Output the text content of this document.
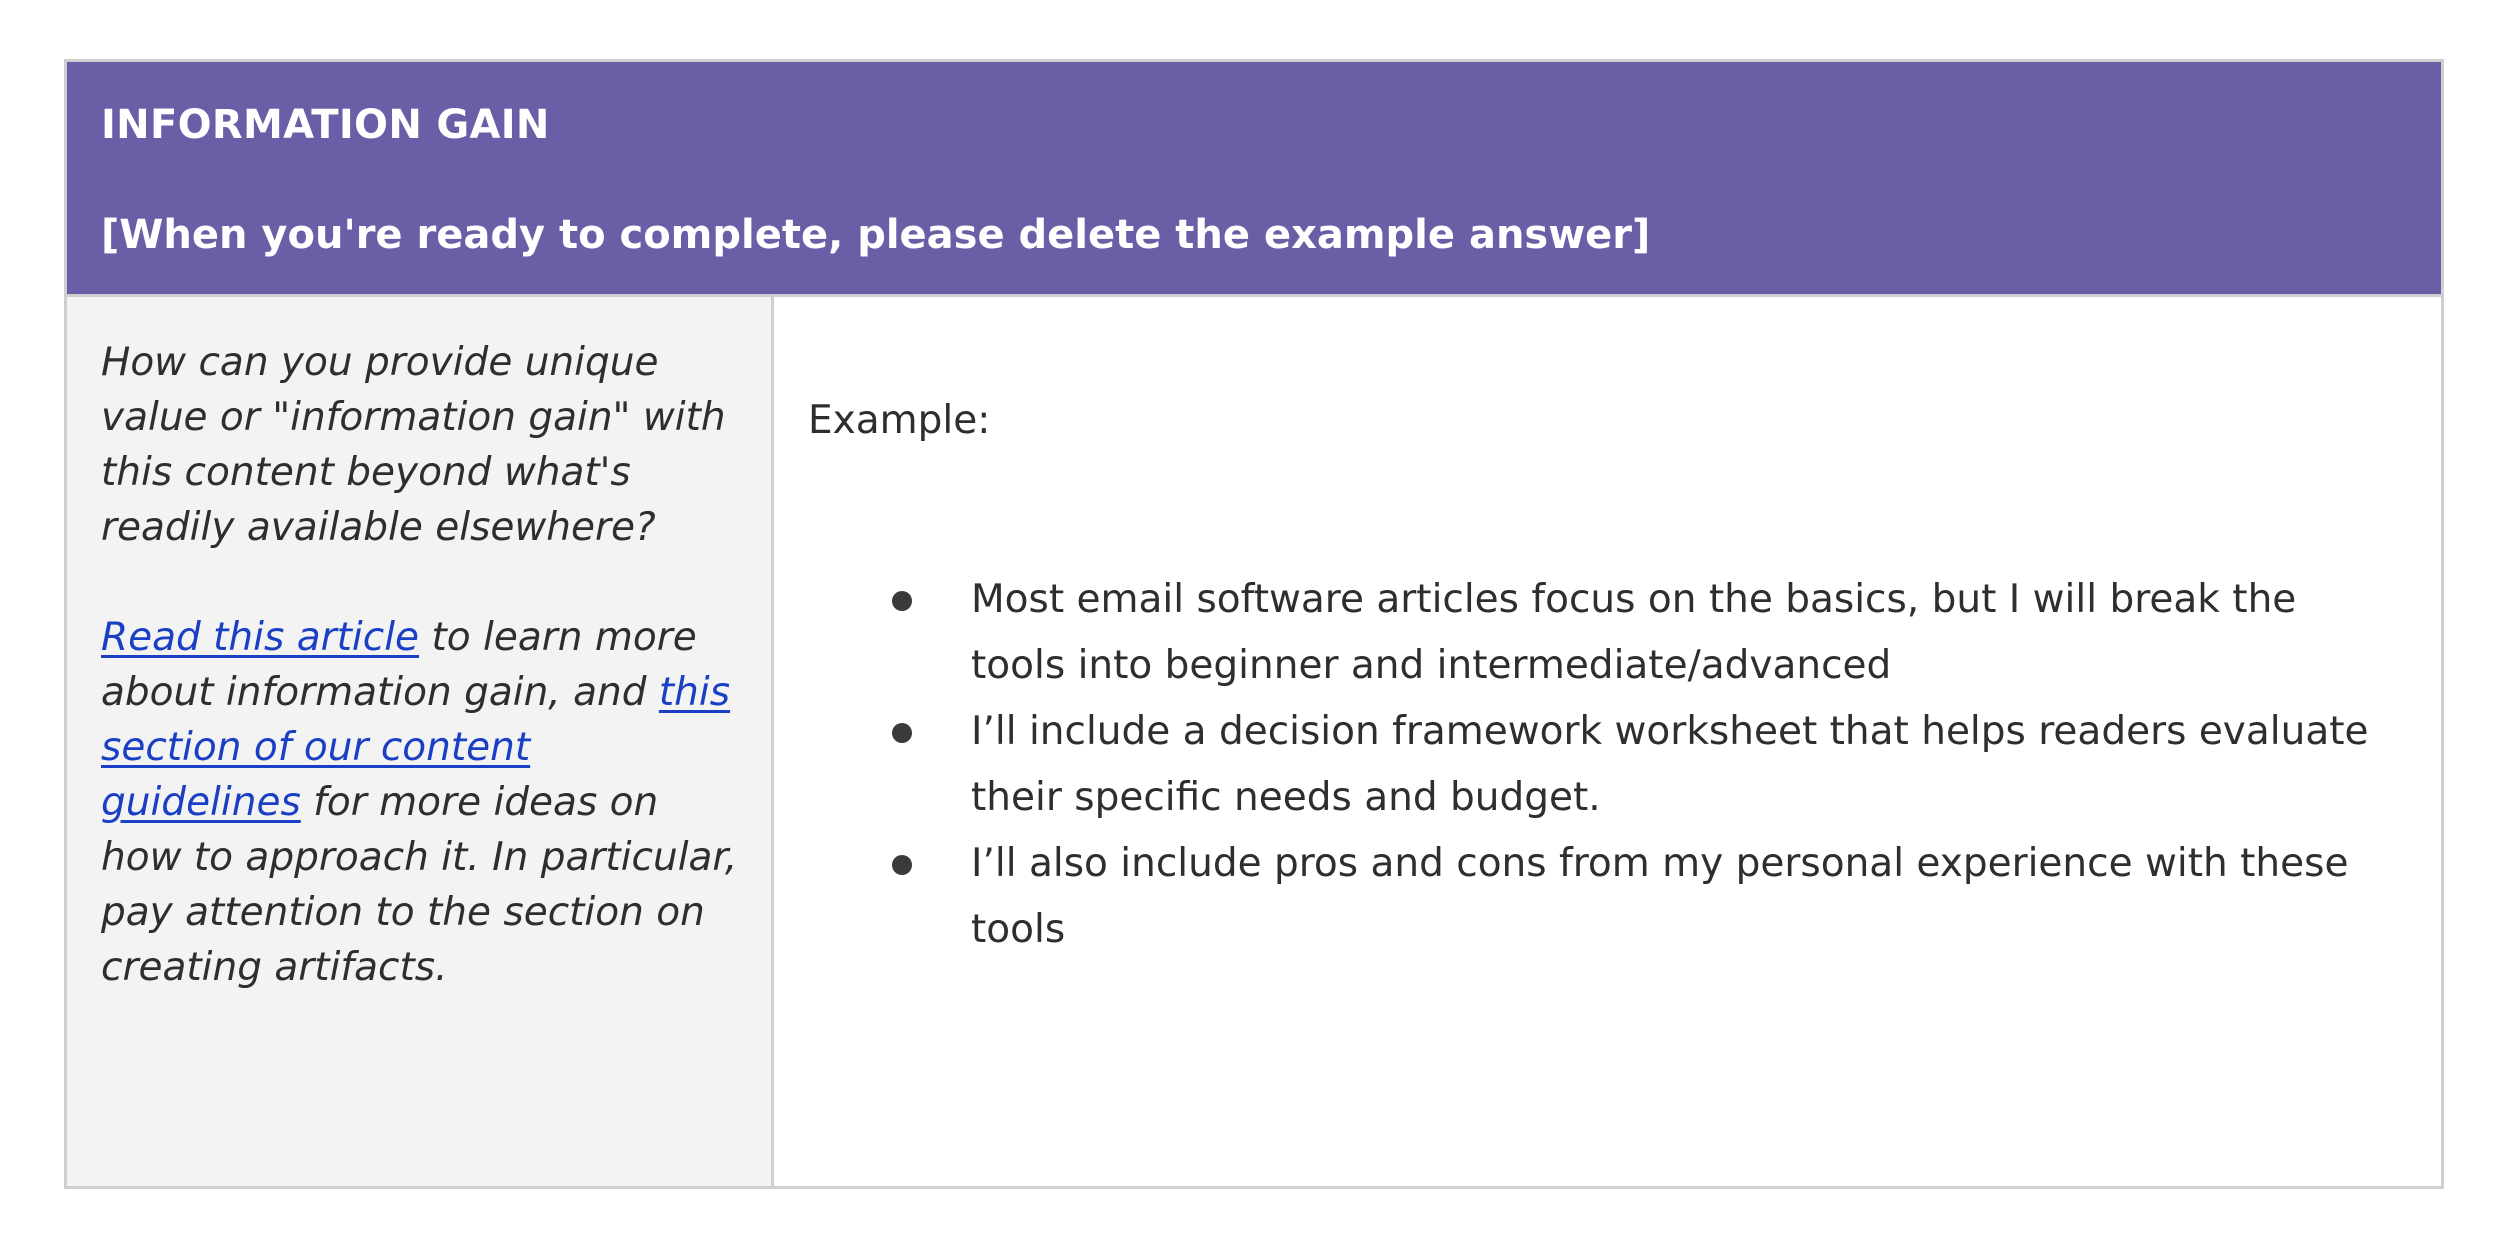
INFORMATION GAIN
[When you're ready to complete, please delete the example answer]

How can you provide unique value or "information gain" with this content beyond what's readily available elsewhere?

Read this article to learn more about information gain, and this section of our content guidelines for more ideas on how to approach it. In particular, pay attention to the section on creating artifacts.

Example:

Most email software articles focus on the basics, but I will break the tools into beginner and intermediate/advanced
I’ll include a decision framework worksheet that helps readers evaluate their specific needs and budget.
I’ll also include pros and cons from my personal experience with these tools
